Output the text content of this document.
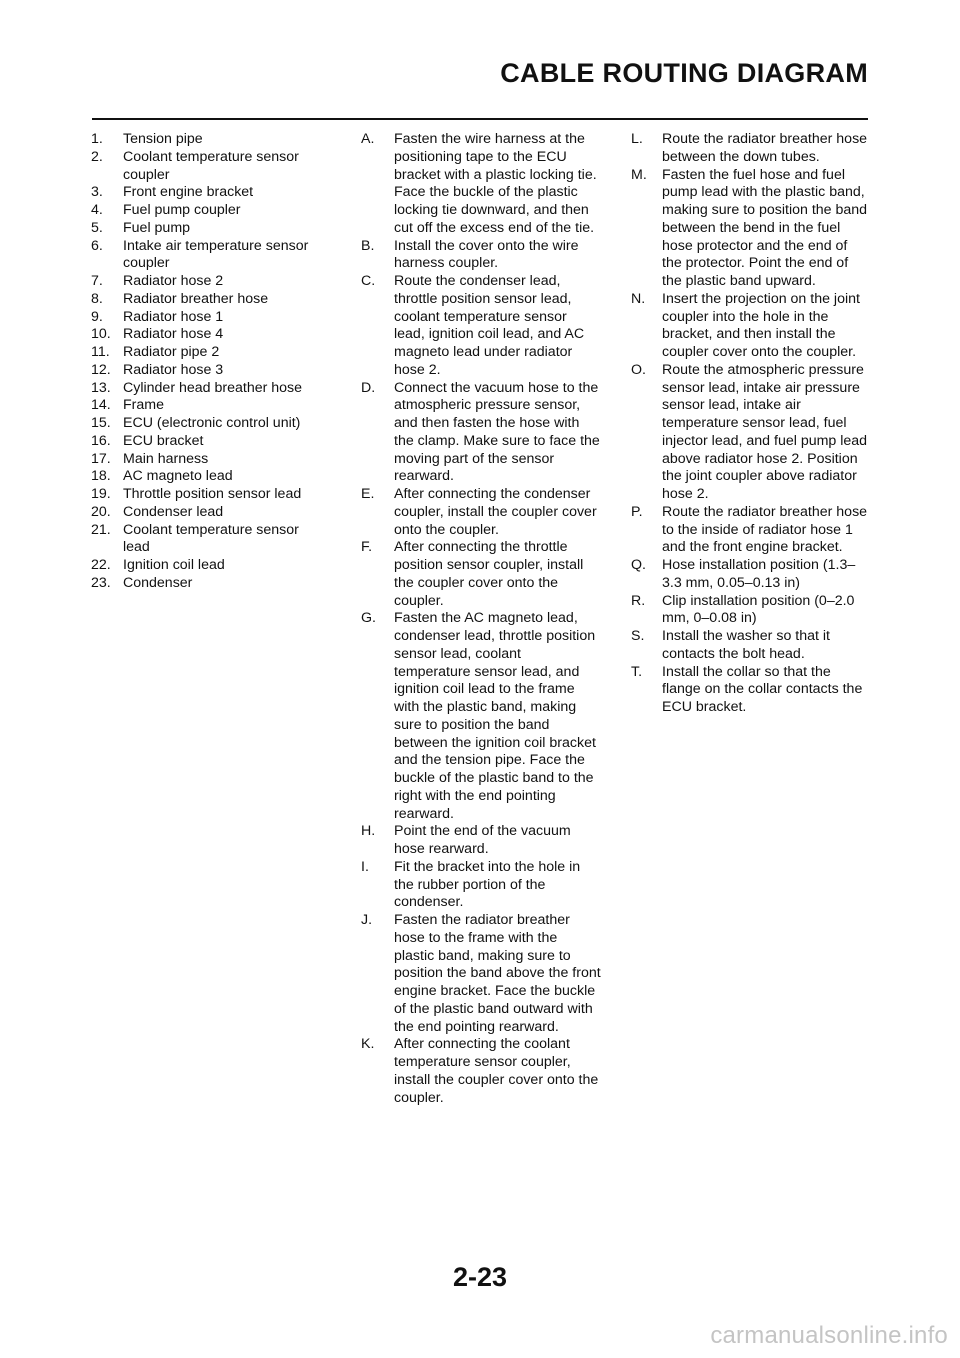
CABLE ROUTING DIAGRAM
1.	Tension pipe
2.	Coolant temperature sensor coupler
3.	Front engine bracket
4.	Fuel pump coupler
5.	Fuel pump
6.	Intake air temperature sensor coupler
7.	Radiator hose 2
8.	Radiator breather hose
9.	Radiator hose 1
10. Radiator hose 4
11. Radiator pipe 2
12. Radiator hose 3
13. Cylinder head breather hose
14. Frame
15. ECU (electronic control unit)
16. ECU bracket
17. Main harness
18. AC magneto lead
19. Throttle position sensor lead
20. Condenser lead
21. Coolant temperature sensor lead
22. Ignition coil lead
23. Condenser
A.	Fasten the wire harness at the positioning tape to the ECU bracket with a plastic locking tie. Face the buckle of the plastic locking tie downward, and then cut off the excess end of the tie.
B.	Install the cover onto the wire harness coupler.
C.	Route the condenser lead, throttle position sensor lead, coolant temperature sensor lead, ignition coil lead, and AC magneto lead under radiator hose 2.
D.	Connect the vacuum hose to the atmospheric pressure sensor, and then fasten the hose with the clamp. Make sure to face the moving part of the sensor rearward.
E.	After connecting the condenser coupler, install the coupler cover onto the coupler.
F.	After connecting the throttle position sensor coupler, install the coupler cover onto the coupler.
G.	Fasten the AC magneto lead, condenser lead, throttle position sensor lead, coolant temperature sensor lead, and ignition coil lead to the frame with the plastic band, making sure to position the band between the ignition coil bracket and the tension pipe. Face the buckle of the plastic band to the right with the end pointing rearward.
H.	Point the end of the vacuum hose rearward.
I.	Fit the bracket into the hole in the rubber portion of the condenser.
J.	Fasten the radiator breather hose to the frame with the plastic band, making sure to position the band above the front engine bracket. Face the buckle of the plastic band outward with the end pointing rearward.
K.	After connecting the coolant temperature sensor coupler, install the coupler cover onto the coupler.
L.	Route the radiator breather hose between the down tubes.
M.	Fasten the fuel hose and fuel pump lead with the plastic band, making sure to position the band between the bend in the fuel hose protector and the end of the protector. Point the end of the plastic band upward.
N.	Insert the projection on the joint coupler into the hole in the bracket, and then install the coupler cover onto the coupler.
O.	Route the atmospheric pressure sensor lead, intake air pressure sensor lead, intake air temperature sensor lead, fuel injector lead, and fuel pump lead above radiator hose 2. Position the joint coupler above radiator hose 2.
P.	Route the radiator breather hose to the inside of radiator hose 1 and the front engine bracket.
Q.	Hose installation position (1.3–3.3 mm, 0.05–0.13 in)
R.	Clip installation position (0–2.0 mm, 0–0.08 in)
S.	Install the washer so that it contacts the bolt head.
T.	Install the collar so that the flange on the collar contacts the ECU bracket.
2-23
carmanualsonline.info
